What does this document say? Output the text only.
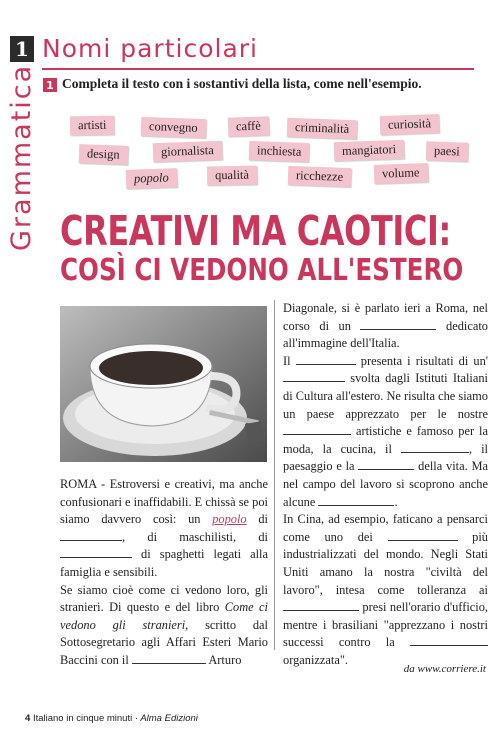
Grammatica
1 Nomi particolari
1 Completa il testo con i sostantivi della lista, come nell'esempio.
artisti	convegno	caffè	criminalità	curiosità
design	giornalista	inchiesta	mangiatori	paesi
popolo	qualità	ricchezze	volume
CREATIVI MA CAOTICI:
COSÌ CI VEDONO ALL'ESTERO

ROMA - Estroversi e creativi, ma anche confusionari e inaffidabili. E chissà se poi siamo davvero così: un popolo di , di maschilisti, di  di spaghetti legati alla famiglia e sensibili.

Se siamo cioè come ci vedono loro, gli stranieri. Di questo e del libro Come ci vedono gli stranieri, scritto dal Sottosegretario agli Affari Esteri Mario Baccini con il	Arturo

Diagonale, si è parlato ieri a Roma, nel corso di un	dedicato all'immagine dell'Italia.

Il	presenta i risultati di un' svolta dagli Istituti Italiani di Cultura all'estero. Ne risulta che siamo un paese apprezzato per le nostre  artistiche e famoso per la moda, la cucina, il	, il paesaggio e la	della vita. Ma nel campo del lavoro si scoprono anche alcune	.

In Cina, ad esempio, faticano a pensarci come uno dei	più industrializzati del mondo. Negli Stati Uniti amano la nostra "civiltà del lavoro", intesa come tolleranza ai  presi nell'orario d'ufficio, mentre i brasiliani "apprezzano i nostri successi contro la  organizzata".

da www.corriere.it
4 Italiano in cinque minuti · Alma Edizioni
